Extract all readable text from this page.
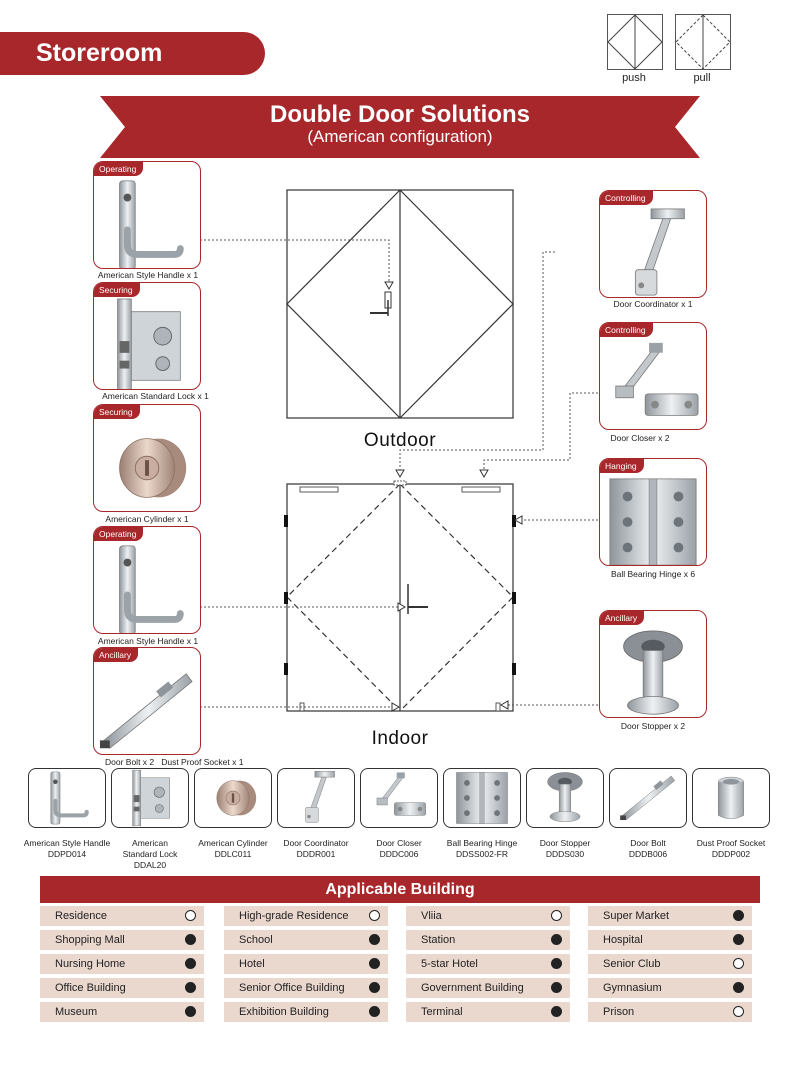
Storeroom
push	pull
Double Door Solutions
(American configuration)
Outdoor
Indoor
Operating
American Style Handle x 1
Securing
American Standard Lock x 1
Securing
American Cylinder x 1
Operating
American Style Handle x 1
Ancillary
Door Bolt x 2   Dust Proof Socket x 1
Controlling
Door Coordinator x 1
Controlling
Door Closer x 2
Hanging
Ball Bearing Hinge x 6
Ancillary
Door Stopper x 2
American Style Handle
DDPD014
American Standard Lock
DDAL20
American Cylinder
DDLC011
Door Coordinator
DDDR001
Door Closer
DDDC006
Ball Bearing Hinge
DDSS002-FR
Door Stopper
DDDS030
Door Bolt
DDDB006
Dust Proof Socket
DDDP002
Applicable Building
Residence	High-grade Residence	Vliia	Super Market
Shopping Mall	School	Station	Hospital
Nursing Home	Hotel	5-star Hotel	Senior Club
Office Building	Senior Office Building	Government Building	Gymnasium
Museum	Exhibition Building	Terminal	Prison
